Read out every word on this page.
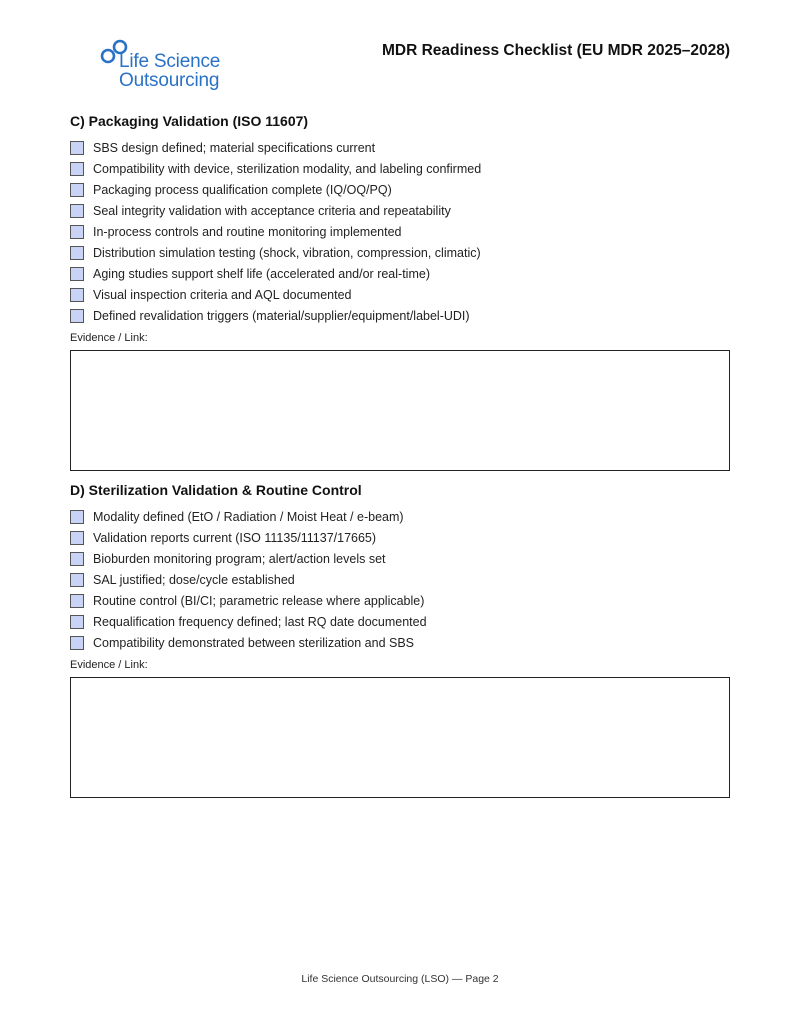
Life Science
Outsourcing
MDR Readiness Checklist (EU MDR 2025–2028)
C) Packaging Validation (ISO 11607)
SBS design defined; material specifications current
Compatibility with device, sterilization modality, and labeling confirmed
Packaging process qualification complete (IQ/OQ/PQ)
Seal integrity validation with acceptance criteria and repeatability
In-process controls and routine monitoring implemented
Distribution simulation testing (shock, vibration, compression, climatic)
Aging studies support shelf life (accelerated and/or real-time)
Visual inspection criteria and AQL documented
Defined revalidation triggers (material/supplier/equipment/label-UDI)
Evidence / Link:
D) Sterilization Validation & Routine Control
Modality defined (EtO / Radiation / Moist Heat / e-beam)
Validation reports current (ISO 11135/11137/17665)
Bioburden monitoring program; alert/action levels set
SAL justified; dose/cycle established
Routine control (BI/CI; parametric release where applicable)
Requalification frequency defined; last RQ date documented
Compatibility demonstrated between sterilization and SBS
Evidence / Link:
Life Science Outsourcing (LSO) — Page 2
